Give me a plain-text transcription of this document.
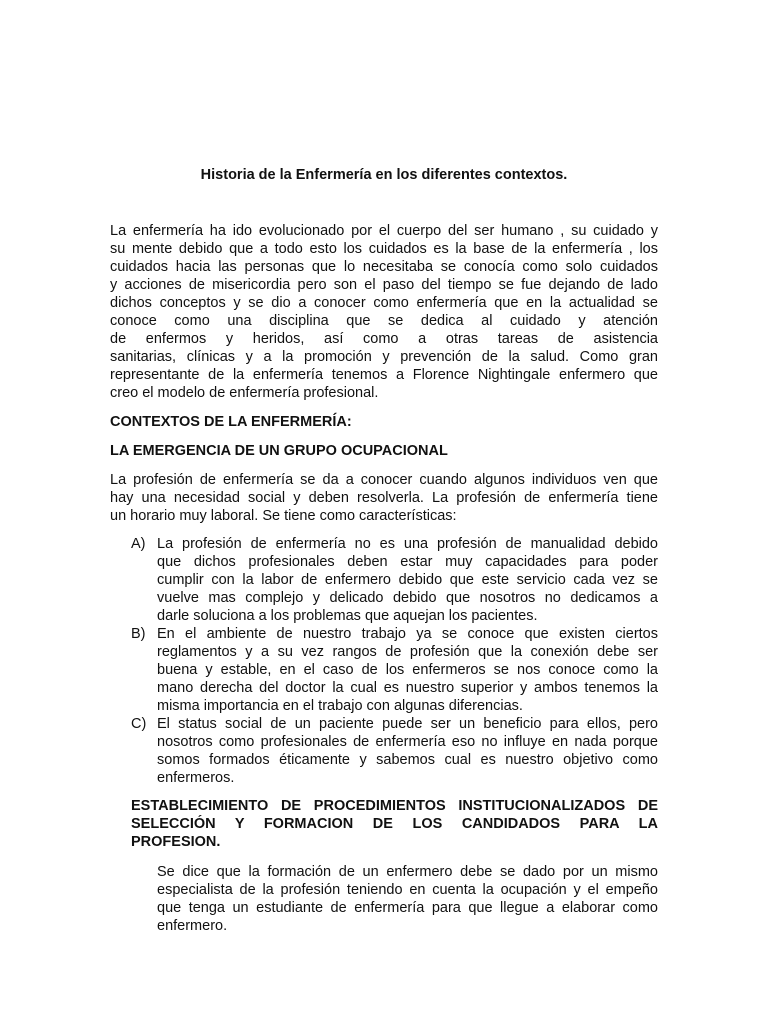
Historia de la Enfermería en los diferentes contextos.
La enfermería ha ido evolucionado por el cuerpo del ser humano , su cuidado y
su mente debido que a todo esto los cuidados es la base de la enfermería , los
cuidados hacia las personas que lo necesitaba se conocía como solo cuidados
y acciones de misericordia pero son el paso del tiempo se fue dejando de lado
dichos conceptos y se dio a conocer como enfermería que en la actualidad se
conoce como una disciplina que se dedica al cuidado y atención
de enfermos y heridos, así como a otras tareas de asistencia
sanitarias, clínicas y a la promoción y prevención de la salud. Como gran
representante de la enfermería tenemos a Florence Nightingale enfermero que
creo el modelo de enfermería profesional.
CONTEXTOS DE LA ENFERMERÍA:
LA EMERGENCIA DE UN GRUPO OCUPACIONAL
La profesión de enfermería se da a conocer cuando algunos individuos ven que
hay una necesidad social y deben resolverla. La profesión de enfermería tiene
un horario muy laboral. Se tiene como características:
A) La profesión de enfermería no es una profesión de manualidad debido
que dichos profesionales deben estar muy capacidades para poder
cumplir con la labor de enfermero debido que este servicio cada vez se
vuelve mas complejo y delicado debido que nosotros no dedicamos a
darle soluciona a los problemas que aquejan los pacientes.
B) En el ambiente de nuestro trabajo ya se conoce que existen ciertos
reglamentos y a su vez rangos de profesión que la conexión debe ser
buena y estable, en el caso de los enfermeros se nos conoce como la
mano derecha del doctor la cual es nuestro superior y ambos tenemos la
misma importancia en el trabajo con algunas diferencias.
C) El status social de un paciente puede ser un beneficio para ellos, pero
nosotros como profesionales de enfermería eso no influye en nada porque
somos formados éticamente y sabemos cual es nuestro objetivo como
enfermeros.
ESTABLECIMIENTO DE PROCEDIMIENTOS INSTITUCIONALIZADOS DE
SELECCIÓN Y FORMACION DE LOS CANDIDADOS PARA LA
PROFESION.
Se dice que la formación de un enfermero debe se dado por un mismo
especialista de la profesión teniendo en cuenta la ocupación y el empeño
que tenga un estudiante de enfermería para que llegue a elaborar como
enfermero.
